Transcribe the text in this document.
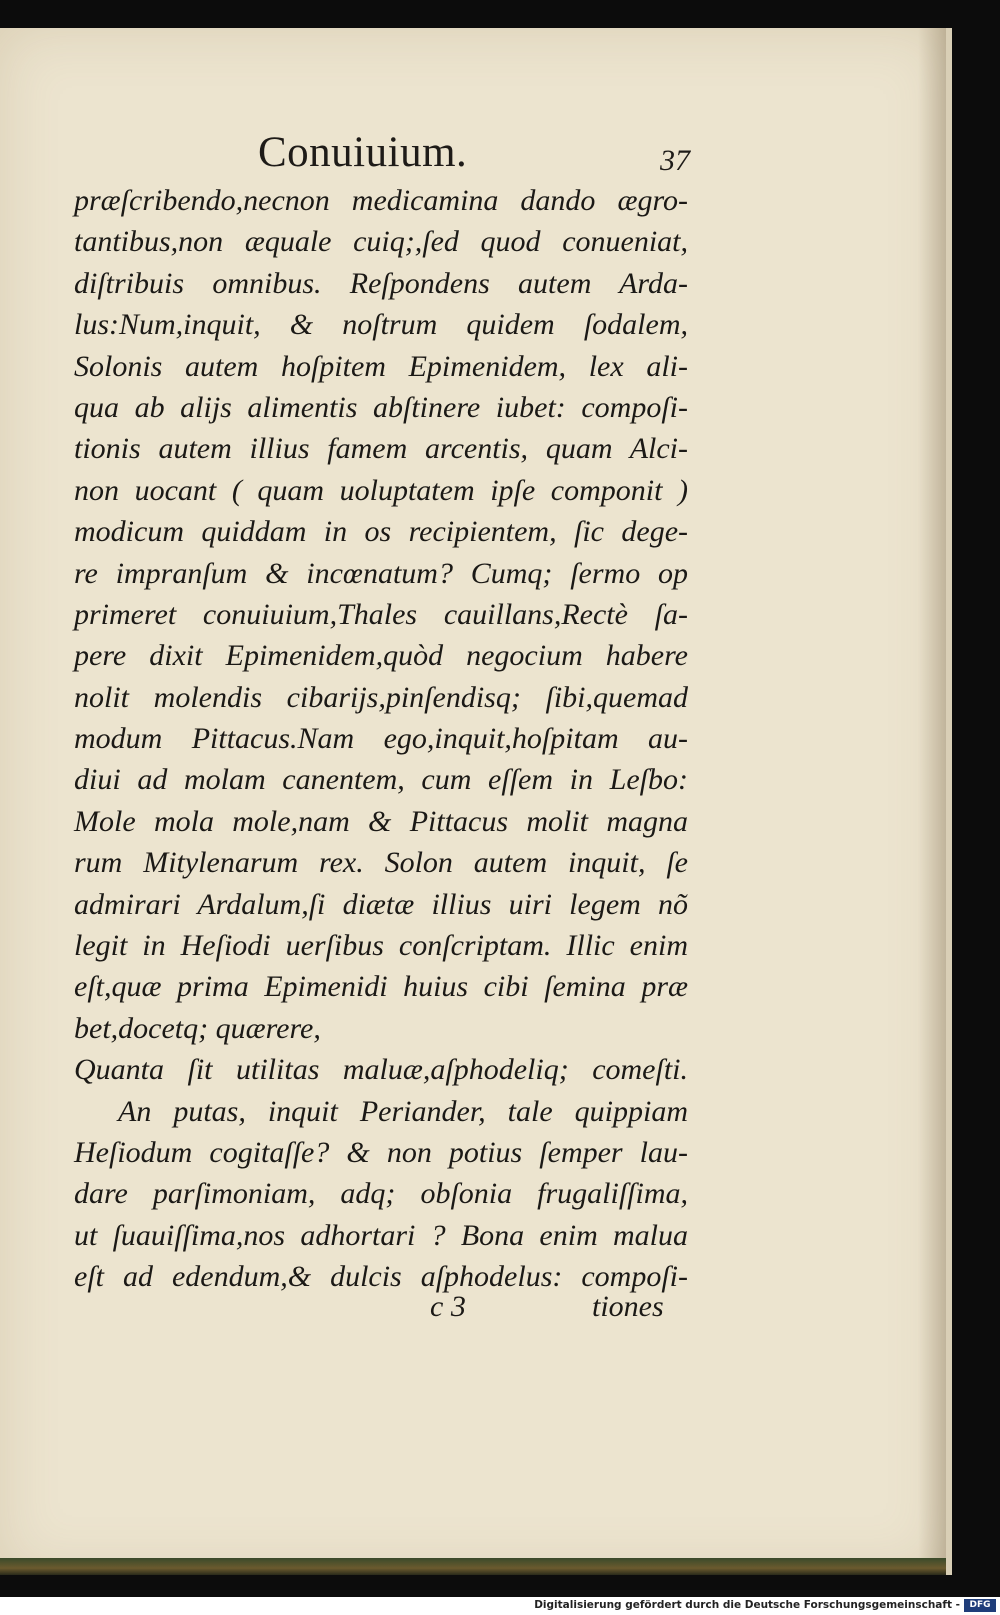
Conuiuium.	37
præſcribendo,necnon medicamina dando ægro-
tantibus,non æquale cuiq;,ſed quod conueniat,
diſtribuis omnibus. Reſpondens autem Arda-
lus:Num,inquit, & noſtrum quidem ſodalem,
Solonis autem hoſpitem Epimenidem, lex ali-
qua ab aliјs alimentis abſtinere iubet: compoſi-
tionis autem illius famem arcentis, quam Alci-
non uocant ( quam uoluptatem ipſe componit )
modicum quiddam in os recipientem, ſic dege-
re impranſum & incœnatum? Cumq; ſermo op
primeret conuiuium,Thales cauillans,Rectè ſa-
pere dixit Epimenidem,quòd negocium habere
nolit molendis cibariјs,pinſendisq; ſibi,quemad
modum Pittacus.Nam ego,inquit,hoſpitam au-
diui ad molam canentem, cum eſſem in Leſbo:
Mole mola mole,nam & Pittacus molit magna
rum Mitylenarum rex. Solon autem inquit, ſe
admirari Ardalum,ſi diætæ illius uiri legem nõ
legit in Heſiodi uerſibus conſcriptam. Illic enim
eſt,quæ prima Epimenidi huius cibi ſemina præ
bet,docetq; quærere,
Quanta ſit utilitas maluæ,aſphodeliq; comeſti.
An putas, inquit Periander, tale quippiam
Heſiodum cogitaſſe? & non potius ſemper lau-
dare parſimoniam, adq; obſonia frugaliſſima,
ut ſuauiſſima,nos adhortari ? Bona enim malua
eſt ad edendum,& dulcis aſphodelus: compoſi-
c 3	tiones
Digitalisierung gefördert durch die Deutsche Forschungsgemeinschaft -	DFG
